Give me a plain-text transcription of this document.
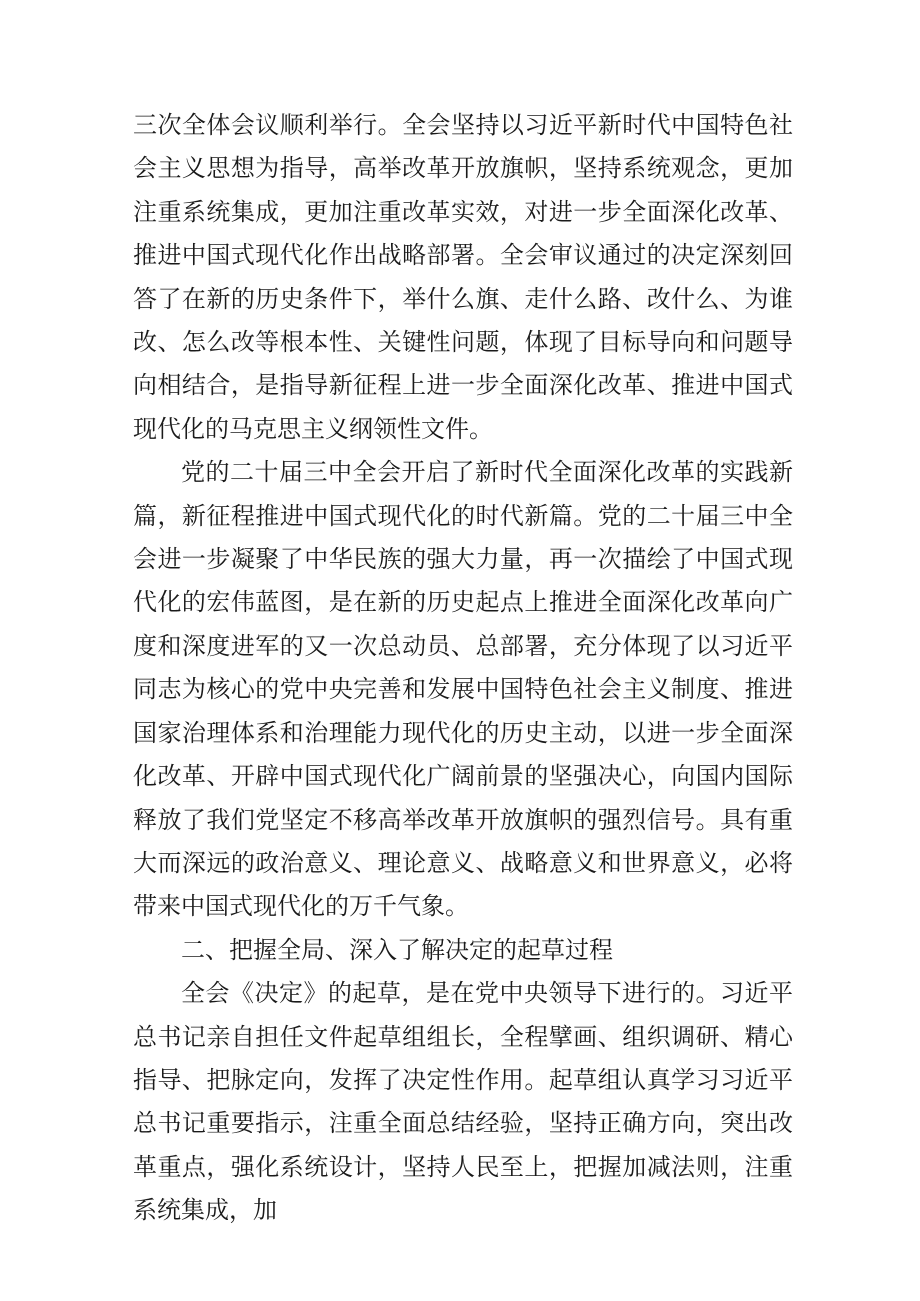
三次全体会议顺利举行。全会坚持以习近平新时代中国特色社会主义思想为指导，高举改革开放旗帜，坚持系统观念，更加注重系统集成，更加注重改革实效，对进一步全面深化改革、推进中国式现代化作出战略部署。全会审议通过的决定深刻回答了在新的历史条件下，举什么旗、走什么路、改什么、为谁改、怎么改等根本性、关键性问题，体现了目标导向和问题导向相结合，是指导新征程上进一步全面深化改革、推进中国式现代化的马克思主义纲领性文件。

党的二十届三中全会开启了新时代全面深化改革的实践新篇，新征程推进中国式现代化的时代新篇。党的二十届三中全会进一步凝聚了中华民族的强大力量，再一次描绘了中国式现代化的宏伟蓝图，是在新的历史起点上推进全面深化改革向广度和深度进军的又一次总动员、总部署，充分体现了以习近平同志为核心的党中央完善和发展中国特色社会主义制度、推进国家治理体系和治理能力现代化的历史主动，以进一步全面深化改革、开辟中国式现代化广阔前景的坚强决心，向国内国际释放了我们党坚定不移高举改革开放旗帜的强烈信号。具有重大而深远的政治意义、理论意义、战略意义和世界意义，必将带来中国式现代化的万千气象。

二、把握全局、深入了解决定的起草过程

全会《决定》的起草，是在党中央领导下进行的。习近平总书记亲自担任文件起草组组长，全程擘画、组织调研、精心指导、把脉定向，发挥了决定性作用。起草组认真学习习近平总书记重要指示，注重全面总结经验，坚持正确方向，突出改革重点，强化系统设计，坚持人民至上，把握加减法则，注重系统集成，加
